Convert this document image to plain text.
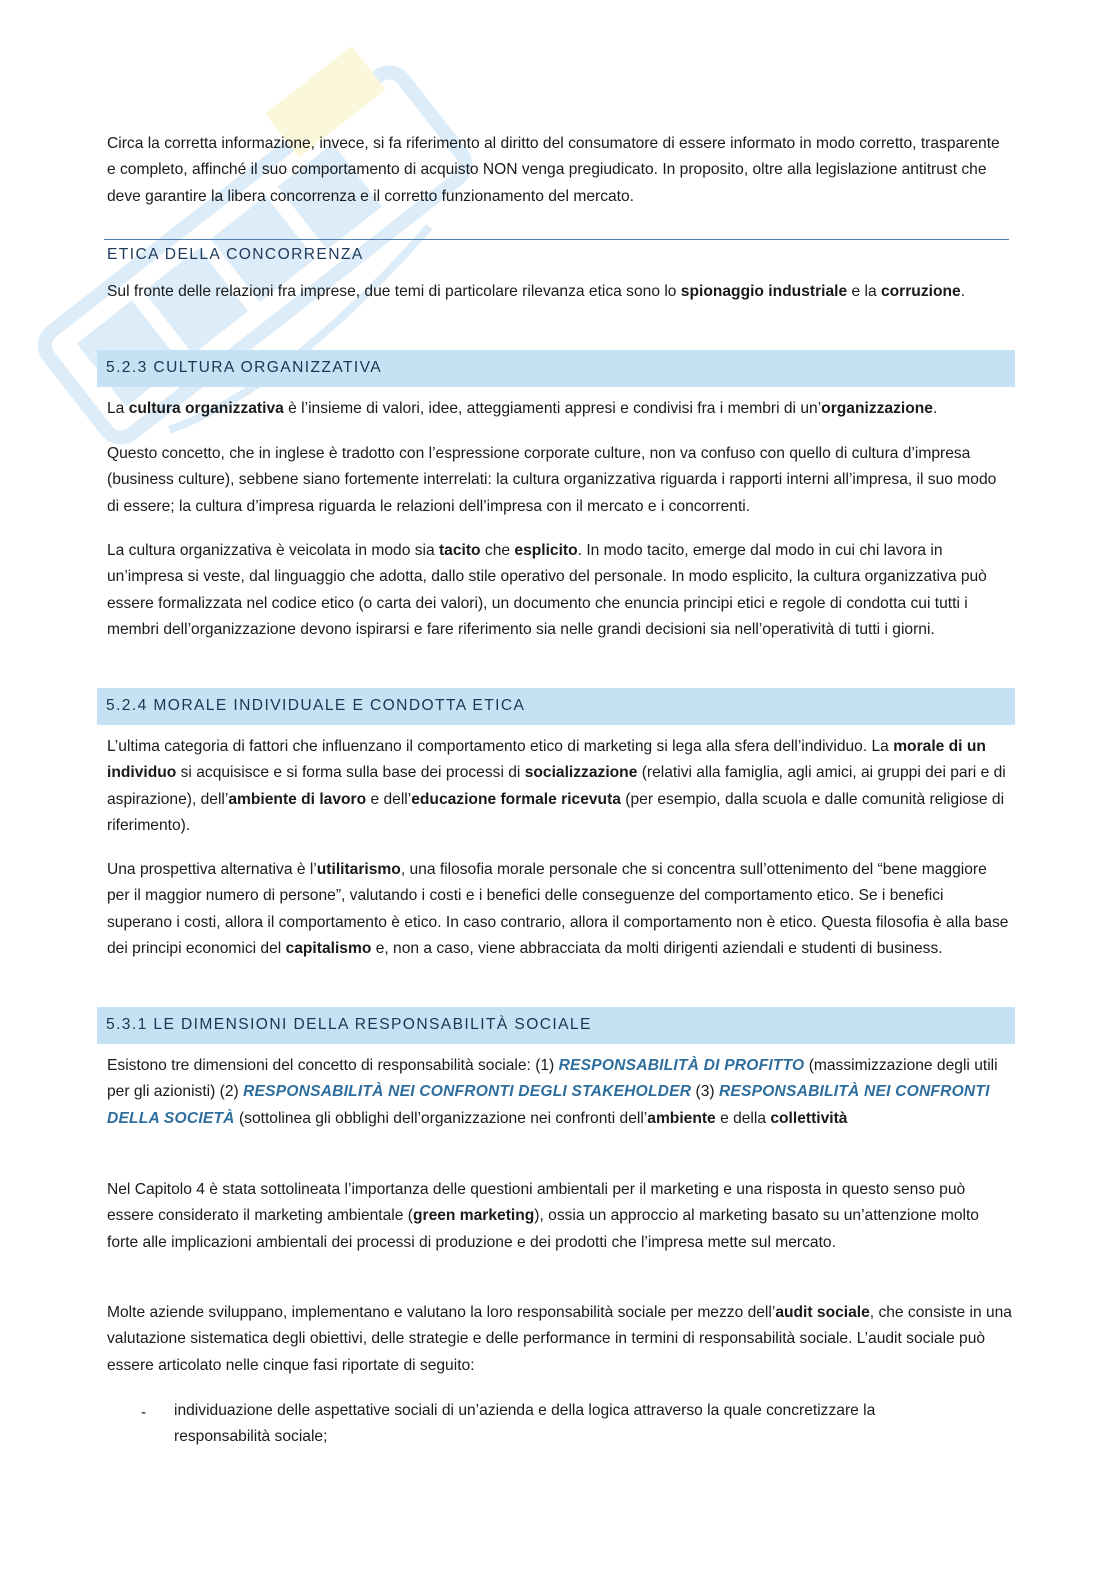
Circa la corretta informazione, invece, si fa riferimento al diritto del consumatore di essere informato in modo corretto, trasparente e completo, affinché il suo comportamento di acquisto NON venga pregiudicato. In proposito, oltre alla legislazione antitrust che deve garantire la libera concorrenza e il corretto funzionamento del mercato.

ETICA DELLA CONCORRENZA

Sul fronte delle relazioni fra imprese, due temi di particolare rilevanza etica sono lo spionaggio industriale e la corruzione.

5.2.3 CULTURA ORGANIZZATIVA

La cultura organizzativa è l’insieme di valori, idee, atteggiamenti appresi e condivisi fra i membri di un’organizzazione.

Questo concetto, che in inglese è tradotto con l’espressione corporate culture, non va confuso con quello di cultura d’impresa (business culture), sebbene siano fortemente interrelati: la cultura organizzativa riguarda i rapporti interni all’impresa, il suo modo di essere; la cultura d’impresa riguarda le relazioni dell’impresa con il mercato e i concorrenti.

La cultura organizzativa è veicolata in modo sia tacito che esplicito. In modo tacito, emerge dal modo in cui chi lavora in un’impresa si veste, dal linguaggio che adotta, dallo stile operativo del personale. In modo esplicito, la cultura organizzativa può essere formalizzata nel codice etico (o carta dei valori), un documento che enuncia principi etici e regole di condotta cui tutti i membri dell’organizzazione devono ispirarsi e fare riferimento sia nelle grandi decisioni sia nell’operatività di tutti i giorni.

5.2.4 MORALE INDIVIDUALE E CONDOTTA ETICA

L’ultima categoria di fattori che influenzano il comportamento etico di marketing si lega alla sfera dell’individuo. La morale di un individuo si acquisisce e si forma sulla base dei processi di socializzazione (relativi alla famiglia, agli amici, ai gruppi dei pari e di aspirazione), dell’ambiente di lavoro e dell’educazione formale ricevuta (per esempio, dalla scuola e dalle comunità religiose di riferimento).

Una prospettiva alternativa è l’utilitarismo, una filosofia morale personale che si concentra sull’ottenimento del “bene maggiore per il maggior numero di persone”, valutando i costi e i benefici delle conseguenze del comportamento etico. Se i benefici superano i costi, allora il comportamento è etico. In caso contrario, allora il comportamento non è etico. Questa filosofia è alla base dei principi economici del capitalismo e, non a caso, viene abbracciata da molti dirigenti aziendali e studenti di business.

5.3.1 LE DIMENSIONI DELLA RESPONSABILITÀ SOCIALE

Esistono tre dimensioni del concetto di responsabilità sociale: (1) RESPONSABILITÀ DI PROFITTO (massimizzazione degli utili per gli azionisti) (2) RESPONSABILITÀ NEI CONFRONTI DEGLI STAKEHOLDER (3) RESPONSABILITÀ NEI CONFRONTI DELLA SOCIETÀ (sottolinea gli obblighi dell’organizzazione nei confronti dell’ambiente e della collettività

Nel Capitolo 4 è stata sottolineata l’importanza delle questioni ambientali per il marketing e una risposta in questo senso può essere considerato il marketing ambientale (green marketing), ossia un approccio al marketing basato su un’attenzione molto forte alle implicazioni ambientali dei processi di produzione e dei prodotti che l’impresa mette sul mercato.

Molte aziende sviluppano, implementano e valutano la loro responsabilità sociale per mezzo dell’audit sociale, che consiste in una valutazione sistematica degli obiettivi, delle strategie e delle performance in termini di responsabilità sociale. L’audit sociale può essere articolato nelle cinque fasi riportate di seguito:

- individuazione delle aspettative sociali di un’azienda e della logica attraverso la quale concretizzare la responsabilità sociale;
